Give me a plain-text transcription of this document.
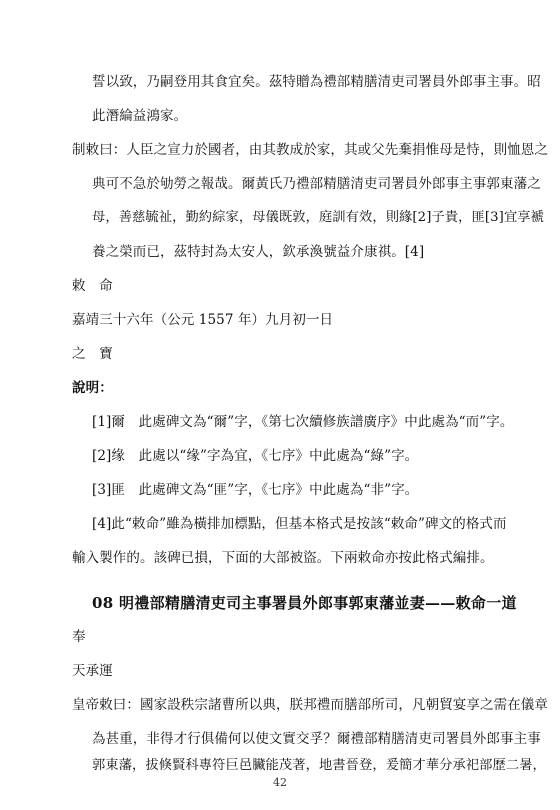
誓以致，乃嗣登用其食宜矣。茲特贈為禮部精膳清吏司署員外郎事主事。昭
此潛綸益鴻家。
制敕曰：人臣之宣力於國者，由其教成於家，其或父先棄捐惟母是恃，則恤恩之
典可不急於劬勞之報哉。爾黃氏乃禮部精膳清吏司署員外郎事主事郭東藩之
母，善慈毓祉，勤約綜家，母儀既敦，庭訓有效，則緣[2]子貴，匪[3]宜享褫
養之榮而已，茲特封為太安人，欽承渙號益介康祺。[4]
敕　命
嘉靖三十六年（公元 1557 年）九月初一日
之　寶
說明：
[1]爾　此處碑文為“爾”字，《第七次續修族譜廣序》中此處為“而”字。
[2]缘　此處以“缘”字為宜，《七序》中此處為“綠”字。
[3]匪　此處碑文為“匪”字，《七序》中此處為“非”字。
[4]此“敕命”雖為橫排加標點，但基本格式是按該“敕命”碑文的格式而
輸入製作的。該碑已損，下面的大部被盜。下兩敕命亦按此格式編排。
08 明禮部精膳清吏司主事署員外郎事郭東藩並妻——敕命一道
奉
天承運
皇帝敕曰：國家設秩宗諸曹所以典，朕邦禮而膳部所司，凡朝貿宴享之需在儀章
為甚重，非得才行俱備何以使文實交孚？爾禮部精膳清吏司署員外郎事主事
郭東藩，拔倏賢科專符巨邑臟能茂著，地書晉登，爰簡才華分承祀部歷二暑，
42
